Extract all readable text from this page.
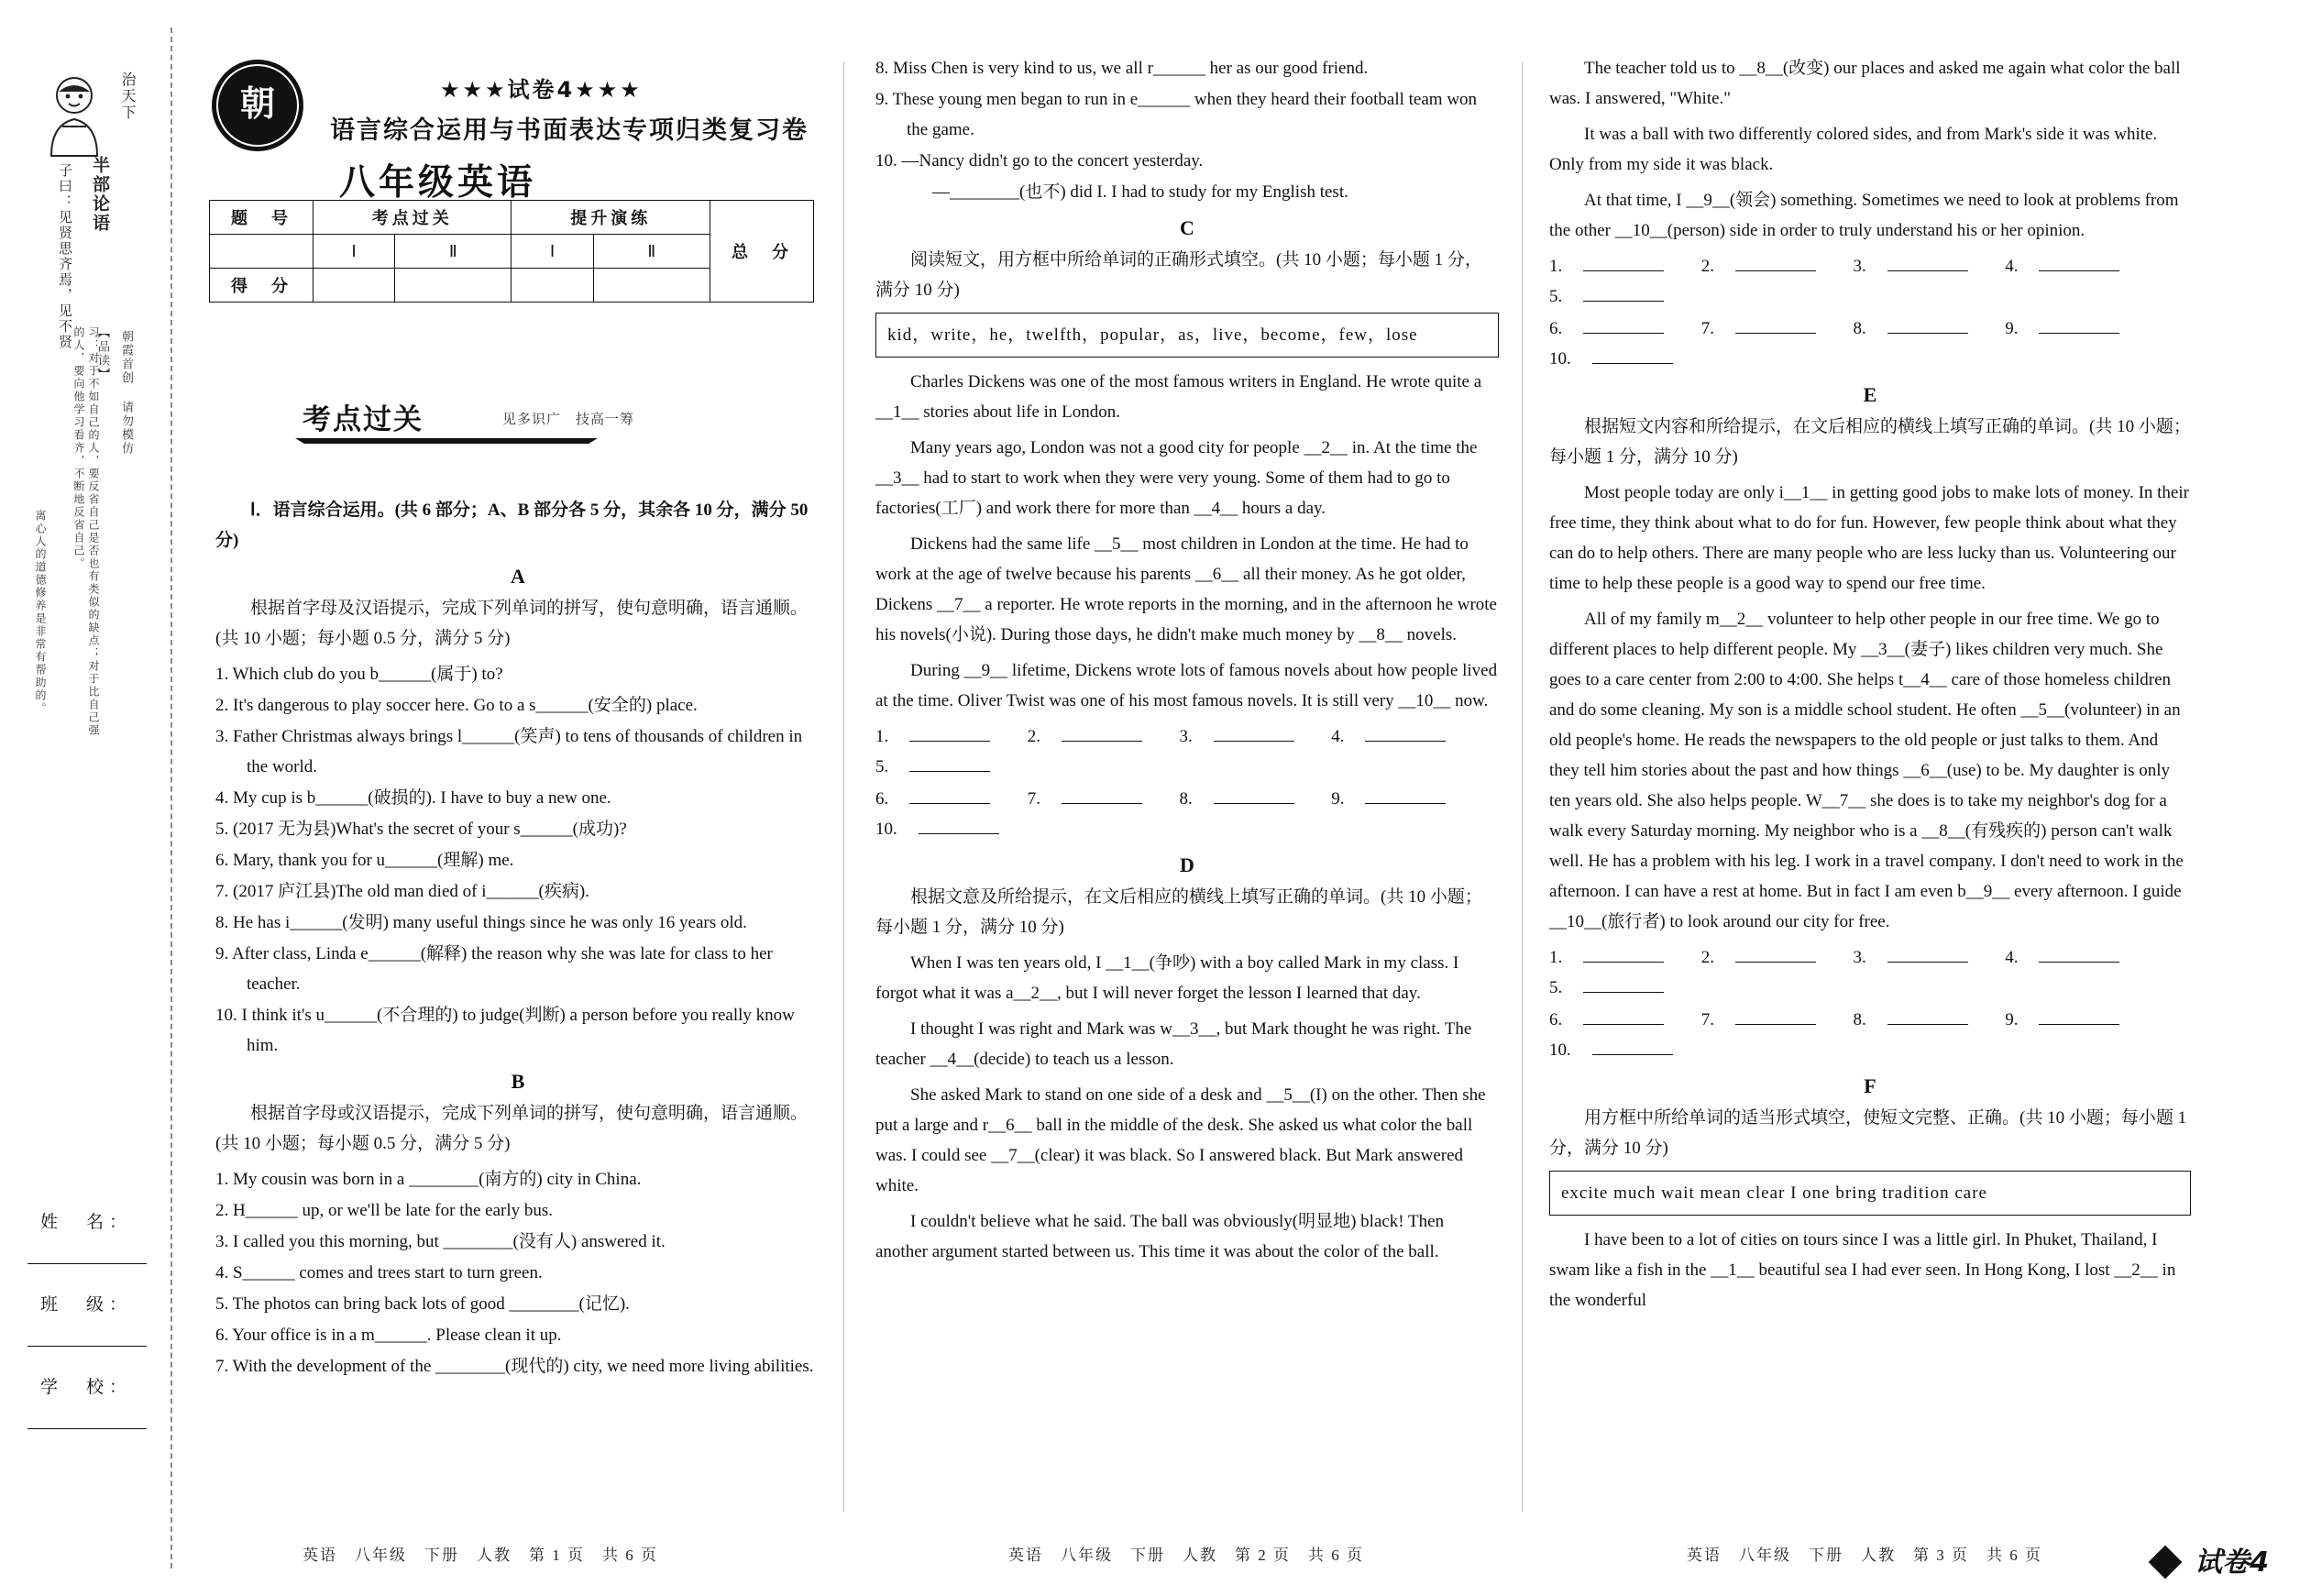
治天下
半部论语
子曰：见贤思齐焉，见不贤
朝霞首创 请勿模仿
【品读】
习：对于不如自己的人，要反省自己是否也有类似的缺点；对于比自己强的人，要向他学习看齐，不断地反省自己。
离心人的道德修养是非常有帮助的。
姓　名：
班　级：
学　校：
朝	★★★试卷4★★★
语言综合运用与书面表达专项归类复习卷
八年级英语
题　号	考点过关		提升演练		总　分
	Ⅰ	Ⅱ	Ⅰ	Ⅱ	
得　分					
考点过关	见多识广　技高一筹
Ⅰ．语言综合运用。(共 6 部分；A、B 部分各 5 分，其余各 10 分，满分 50 分)
A
根据首字母及汉语提示，完成下列单词的拼写，使句意明确，语言通顺。(共 10 小题；每小题 0.5 分，满分 5 分)
1. Which club do you b______(属于) to?
2. It's dangerous to play soccer here. Go to a s______(安全的) place.
3. Father Christmas always brings l______(笑声) to tens of thousands of children in the world.
4. My cup is b______(破损的). I have to buy a new one.
5. (2017 无为县)What's the secret of your s______(成功)?
6. Mary, thank you for u______(理解) me.
7. (2017 庐江县)The old man died of i______(疾病).
8. He has i______(发明) many useful things since he was only 16 years old.
9. After class, Linda e______(解释) the reason why she was late for class to her teacher.
10. I think it's u______(不合理的) to judge(判断) a person before you really know him.
B
根据首字母或汉语提示，完成下列单词的拼写，使句意明确，语言通顺。(共 10 小题；每小题 0.5 分，满分 5 分)
1. My cousin was born in a ________(南方的) city in China.
2. H______ up, or we'll be late for the early bus.
3. I called you this morning, but ________(没有人) answered it.
4. S______ comes and trees start to turn green.
5. The photos can bring back lots of good ________(记忆).
6. Your office is in a m______. Please clean it up.
7. With the development of the ________(现代的) city, we need more living abilities.
8. Miss Chen is very kind to us, we all r______ her as our good friend.
9. These young men began to run in e______ when they heard their football team won the game.
10. —Nancy didn't go to the concert yesterday.
—________(也不) did I. I had to study for my English test.
C
阅读短文，用方框中所给单词的正确形式填空。(共 10 小题；每小题 1 分，满分 10 分)
kid，write，he，twelfth，popular，as，live，become，few，lose
Charles Dickens was one of the most famous writers in England. He wrote quite a __1__ stories about life in London.
Many years ago, London was not a good city for people __2__ in. At the time the __3__ had to start to work when they were very young. Some of them had to go to factories(工厂) and work there for more than __4__ hours a day.
Dickens had the same life __5__ most children in London at the time. He had to work at the age of twelve because his parents __6__ all their money. As he got older, Dickens __7__ a reporter. He wrote reports in the morning, and in the afternoon he wrote his novels(小说). During those days, he didn't make much money by __8__ novels.
During __9__ lifetime, Dickens wrote lots of famous novels about how people lived at the time. Oliver Twist was one of his most famous novels. It is still very __10__ now.
1.	2.	3.	4.  5.
6.	7.	8.	9.  10.
D
根据文意及所给提示，在文后相应的横线上填写正确的单词。(共 10 小题；每小题 1 分，满分 10 分)
When I was ten years old, I __1__(争吵) with a boy called Mark in my class. I forgot what it was a__2__, but I will never forget the lesson I learned that day.
I thought I was right and Mark was w__3__, but Mark thought he was right. The teacher __4__(decide) to teach us a lesson.
She asked Mark to stand on one side of a desk and __5__(I) on the other. Then she put a large and r__6__ ball in the middle of the desk. She asked us what color the ball was. I could see __7__(clear) it was black. So I answered black. But Mark answered white.
I couldn't believe what he said. The ball was obviously(明显地) black! Then another argument started between us. This time it was about the color of the ball.
The teacher told us to __8__(改变) our places and asked me again what color the ball was. I answered, "White."
It was a ball with two differently colored sides, and from Mark's side it was white. Only from my side it was black.
At that time, I __9__(领会) something. Sometimes we need to look at problems from the other __10__(person) side in order to truly understand his or her opinion.
1.	2.	3.	4.  5.
6.	7.	8.	9.  10.
E
根据短文内容和所给提示，在文后相应的横线上填写正确的单词。(共 10 小题；每小题 1 分，满分 10 分)
Most people today are only i__1__ in getting good jobs to make lots of money. In their free time, they think about what to do for fun. However, few people think about what they can do to help others. There are many people who are less lucky than us. Volunteering our time to help these people is a good way to spend our free time.
All of my family m__2__ volunteer to help other people in our free time. We go to different places to help different people. My __3__(妻子) likes children very much. She goes to a care center from 2:00 to 4:00. She helps t__4__ care of those homeless children and do some cleaning. My son is a middle school student. He often __5__(volunteer) in an old people's home. He reads the newspapers to the old people or just talks to them. And they tell him stories about the past and how things __6__(use) to be. My daughter is only ten years old. She also helps people. W__7__ she does is to take my neighbor's dog for a walk every Saturday morning. My neighbor who is a __8__(有残疾的) person can't walk well. He has a problem with his leg. I work in a travel company. I don't need to work in the afternoon. I can have a rest at home. But in fact I am even b__9__ every afternoon. I guide __10__(旅行者) to look around our city for free.
1.	2.	3.	4.  5.
6.	7.	8.	9.  10.
F
用方框中所给单词的适当形式填空，使短文完整、正确。(共 10 小题；每小题 1 分，满分 10 分)
excite much wait mean clear I one bring tradition care
I have been to a lot of cities on tours since I was a little girl. In Phuket, Thailand, I swam like a fish in the __1__ beautiful sea I had ever seen. In Hong Kong, I lost __2__ in the wonderful
英语　八年级　下册　人教　第 1 页　共 6 页	英语　八年级　下册　人教　第 2 页　共 6 页	英语　八年级　下册　人教　第 3 页　共 6 页	试卷4
